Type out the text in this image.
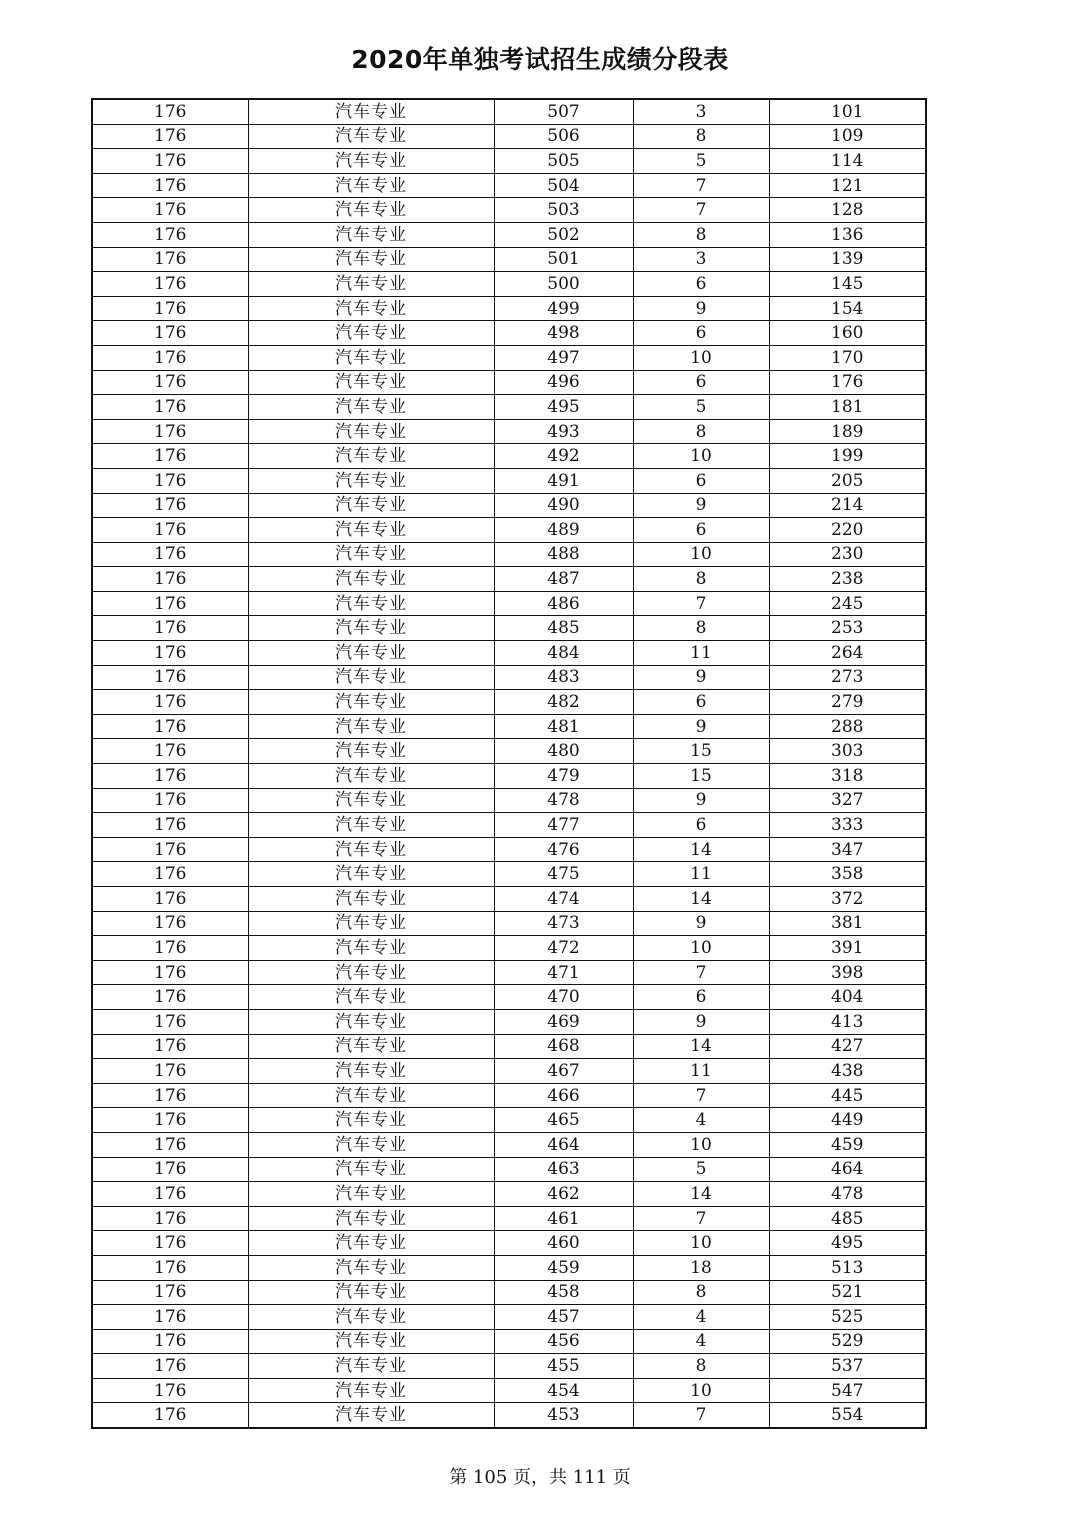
2020年单独考试招生成绩分段表
176	汽车专业	507	3	101
176	汽车专业	506	8	109
176	汽车专业	505	5	114
176	汽车专业	504	7	121
176	汽车专业	503	7	128
176	汽车专业	502	8	136
176	汽车专业	501	3	139
176	汽车专业	500	6	145
176	汽车专业	499	9	154
176	汽车专业	498	6	160
176	汽车专业	497	10	170
176	汽车专业	496	6	176
176	汽车专业	495	5	181
176	汽车专业	493	8	189
176	汽车专业	492	10	199
176	汽车专业	491	6	205
176	汽车专业	490	9	214
176	汽车专业	489	6	220
176	汽车专业	488	10	230
176	汽车专业	487	8	238
176	汽车专业	486	7	245
176	汽车专业	485	8	253
176	汽车专业	484	11	264
176	汽车专业	483	9	273
176	汽车专业	482	6	279
176	汽车专业	481	9	288
176	汽车专业	480	15	303
176	汽车专业	479	15	318
176	汽车专业	478	9	327
176	汽车专业	477	6	333
176	汽车专业	476	14	347
176	汽车专业	475	11	358
176	汽车专业	474	14	372
176	汽车专业	473	9	381
176	汽车专业	472	10	391
176	汽车专业	471	7	398
176	汽车专业	470	6	404
176	汽车专业	469	9	413
176	汽车专业	468	14	427
176	汽车专业	467	11	438
176	汽车专业	466	7	445
176	汽车专业	465	4	449
176	汽车专业	464	10	459
176	汽车专业	463	5	464
176	汽车专业	462	14	478
176	汽车专业	461	7	485
176	汽车专业	460	10	495
176	汽车专业	459	18	513
176	汽车专业	458	8	521
176	汽车专业	457	4	525
176	汽车专业	456	4	529
176	汽车专业	455	8	537
176	汽车专业	454	10	547
176	汽车专业	453	7	554
第 105 页，共 111 页
